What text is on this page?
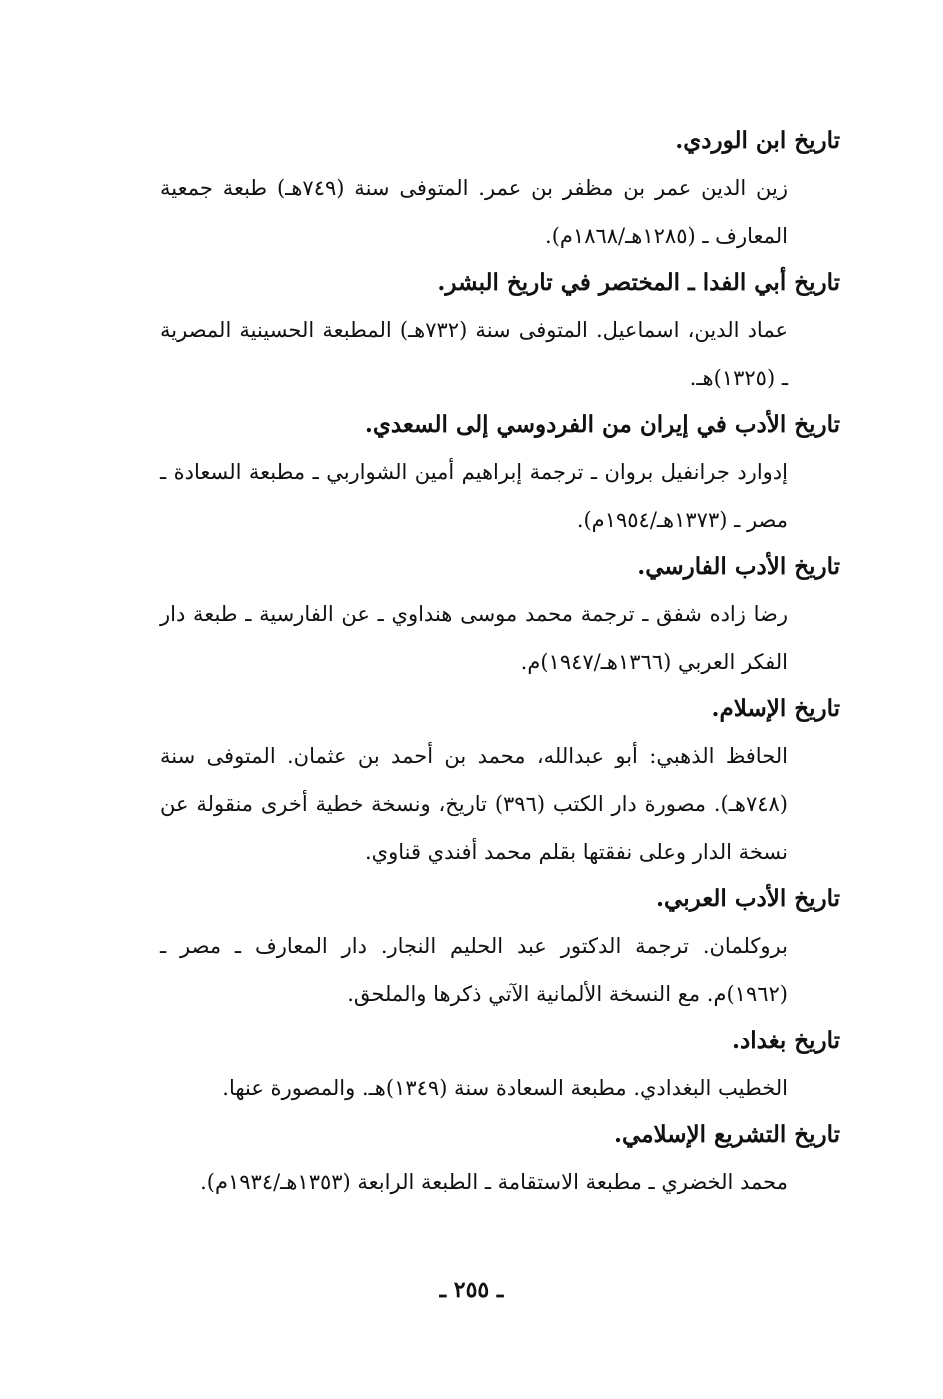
تاريخ ابن الوردي.

زين الدين عمر بن مظفر بن عمر. المتوفى سنة (٧٤٩هـ) طبعة جمعية المعارف ـ (١٢٨٥هـ/١٨٦٨م).

تاريخ أبي الفدا ـ المختصر في تاريخ البشر.

عماد الدين، اسماعيل. المتوفى سنة (٧٣٢هـ) المطبعة الحسينية المصرية ـ (١٣٢٥)هـ.

تاريخ الأدب في إيران من الفردوسي إلى السعدي.

إدوارد جرانفيل بروان ـ ترجمة إبراهيم أمين الشواربي ـ مطبعة السعادة ـ مصر ـ (١٣٧٣هـ/١٩٥٤م).

تاريخ الأدب الفارسي.

رضا زاده شفق ـ ترجمة محمد موسى هنداوي ـ عن الفارسية ـ طبعة دار الفكر العربي (١٣٦٦هـ/١٩٤٧)م.

تاريخ الإسلام.

الحافظ الذهبي: أبو عبدالله، محمد بن أحمد بن عثمان. المتوفى سنة (٧٤٨هـ). مصورة دار الكتب (٣٩٦) تاريخ، ونسخة خطية أخرى منقولة عن نسخة الدار وعلى نفقتها بقلم محمد أفندي قناوي.

تاريخ الأدب العربي.

بروكلمان. ترجمة الدكتور عبد الحليم النجار. دار المعارف ـ مصر ـ (١٩٦٢)م. مع النسخة الألمانية الآتي ذكرها والملحق.

تاريخ بغداد.

الخطيب البغدادي. مطبعة السعادة سنة (١٣٤٩)هـ. والمصورة عنها.

تاريخ التشريع الإسلامي.

محمد الخضري ـ مطبعة الاستقامة ـ الطبعة الرابعة (١٣٥٣هـ/١٩٣٤م).

ـ ٢٥٥ ـ
